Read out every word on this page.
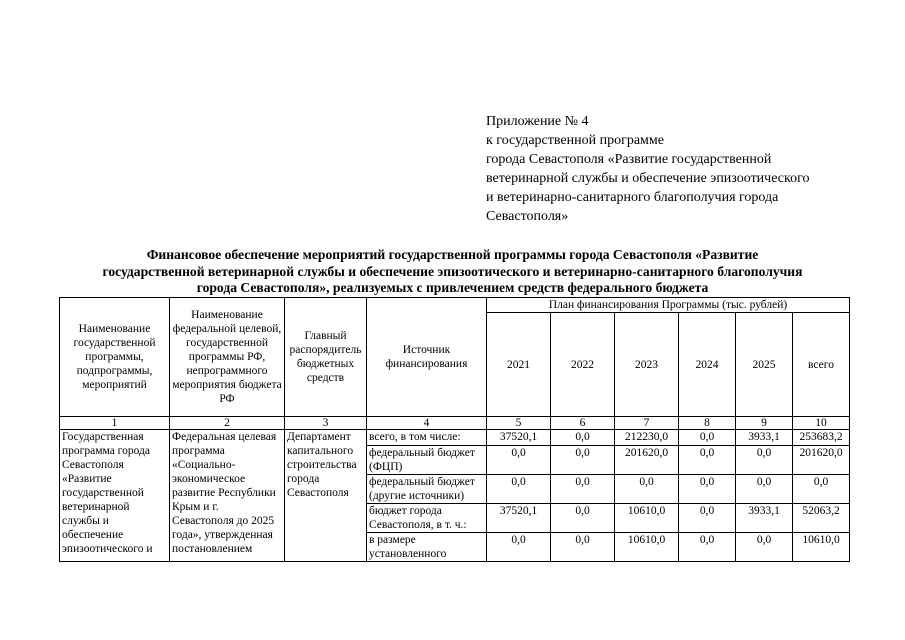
Приложение № 4
к государственной программе
города Севастополя «Развитие государственной
ветеринарной службы и обеспечение эпизоотического
и ветеринарно-санитарного благополучия города
Севастополя»
Финансовое обеспечение мероприятий государственной программы города Севастополя «Развитие
государственной ветеринарной службы и обеспечение эпизоотического и ветеринарно-санитарного благополучия
города Севастополя», реализуемых с привлечением средств федерального бюджета
Наименование государственной программы, подпрограммы, мероприятий	Наименование федеральной целевой, государственной программы РФ, непрограммного мероприятия бюджета РФ	Главный распорядитель бюджетных средств	Источник финансирования	План финансирования Программы (тыс. рублей)					
				2021	2022	2023	2024	2025	всего
1	2	3	4	5	6	7	8	9	10
Государственная программа города Севастополя «Развитие государственной ветеринарной службы и обеспечение эпизоотического и	Федеральная целевая программа «Социально-экономическое развитие Республики Крым и г. Севастополя до 2025 года», утвержденная постановлением	Департамент капитального строительства города Севастополя	всего, в том числе:	37520,1	0,0	212230,0	0,0	3933,1	253683,2
			федеральный бюджет (ФЦП)	0,0	0,0	201620,0	0,0	0,0	201620,0
			федеральный бюджет (другие источники)	0,0	0,0	0,0	0,0	0,0	0,0
			бюджет города Севастополя, в т. ч.:	37520,1	0,0	10610,0	0,0	3933,1	52063,2
			в размере установленного	0,0	0,0	10610,0	0,0	0,0	10610,0
